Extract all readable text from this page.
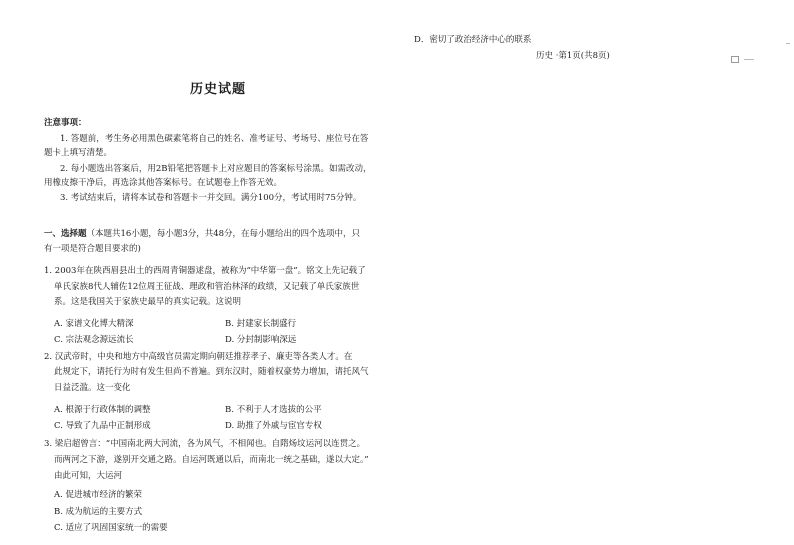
D．密切了政治经济中心的联系
历史 ·第1页(共8页)
历史试题
注意事项：
1. 答题前，考生务必用黑色碳素笔将自己的姓名、准考证号、考场号、座位号在答
题卡上填写清楚。
2. 每小题选出答案后，用2B铅笔把答题卡上对应题目的答案标号涂黑。如需改动，
用橡皮擦干净后，再选涂其他答案标号。在试题卷上作答无效。
3. 考试结束后，请将本试卷和答题卡一并交回。满分100分，考试用时75分钟。
一、选择题（本题共16小题，每小题3分，共48分，在每小题给出的四个选项中，只
有一项是符合题目要求的)
1. 2003年在陕西眉县出土的西周青铜器逑盘，被称为“中华第一盘”。铭文上先记载了
单氏家族8代人辅佐12位周王征战、理政和管治林泽的政绩，又记载了单氏家族世
系。这是我国关于家族史最早的真实记载。这说明
A. 家谱文化博大精深	B. 封建家长制盛行
C. 宗法观念源远流长	D. 分封制影响深远
2. 汉武帝时，中央和地方中高级官员需定期向朝廷推荐孝子、廉吏等各类人才。在
此规定下，请托行为时有发生但尚不普遍。到东汉时，随着权豪势力增加，请托风气
日益泛滥。这一变化
A. 根源于行政体制的调整	B. 不利于人才选拔的公平
C. 导致了九品中正制形成	D. 助推了外戚与宦官专权
3. 梁启超曾言：“中国南北两大河流，各为风气，不相闻也。自隋炀坟运河以连贯之。
而两河之下游，遂别开交通之路。自运河既通以后，而南北一统之基础，遂以大定。”
由此可知，大运河
A. 促进城市经济的繁荣
B. 成为航运的主要方式
C. 适应了巩固国家统一的需要
